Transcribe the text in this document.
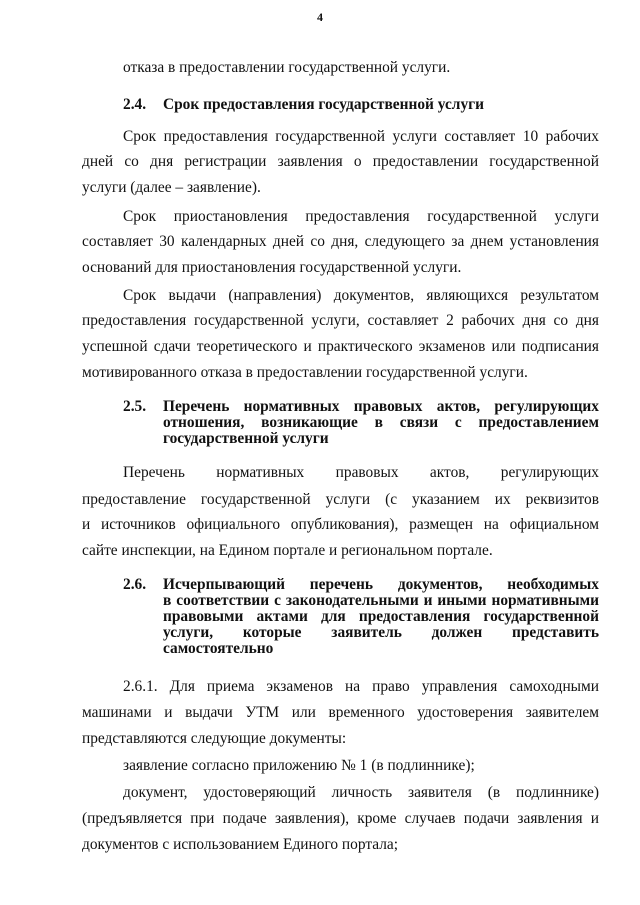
4
отказа в предоставлении государственной услуги.
2.4. Срок предоставления государственной услуги
Срок предоставления государственной услуги составляет 10 рабочих
дней со дня регистрации заявления о предоставлении государственной
услуги (далее – заявление).
Срок приостановления предоставления государственной услуги
составляет 30 календарных дней со дня, следующего за днем установления
оснований для приостановления государственной услуги.
Срок выдачи (направления) документов, являющихся результатом
предоставления государственной услуги, составляет 2 рабочих дня со дня
успешной сдачи теоретического и практического экзаменов или подписания
мотивированного отказа в предоставлении государственной услуги.
2.5. Перечень нормативных правовых актов, регулирующих
отношения, возникающие в связи с предоставлением
государственной услуги
Перечень нормативных правовых актов, регулирующих
предоставление государственной услуги (с указанием их реквизитов
и источников официального опубликования), размещен на официальном
сайте инспекции, на Едином портале и региональном портале.
2.6. Исчерпывающий перечень документов, необходимых
в соответствии с законодательными и иными нормативными
правовыми актами для предоставления государственной
услуги, которые заявитель должен представить
самостоятельно
2.6.1. Для приема экзаменов на право управления самоходными
машинами и выдачи УТМ или временного удостоверения заявителем
представляются следующие документы:
заявление согласно приложению № 1 (в подлиннике);
документ, удостоверяющий личность заявителя (в подлиннике)
(предъявляется при подаче заявления), кроме случаев подачи заявления и
документов с использованием Единого портала;
